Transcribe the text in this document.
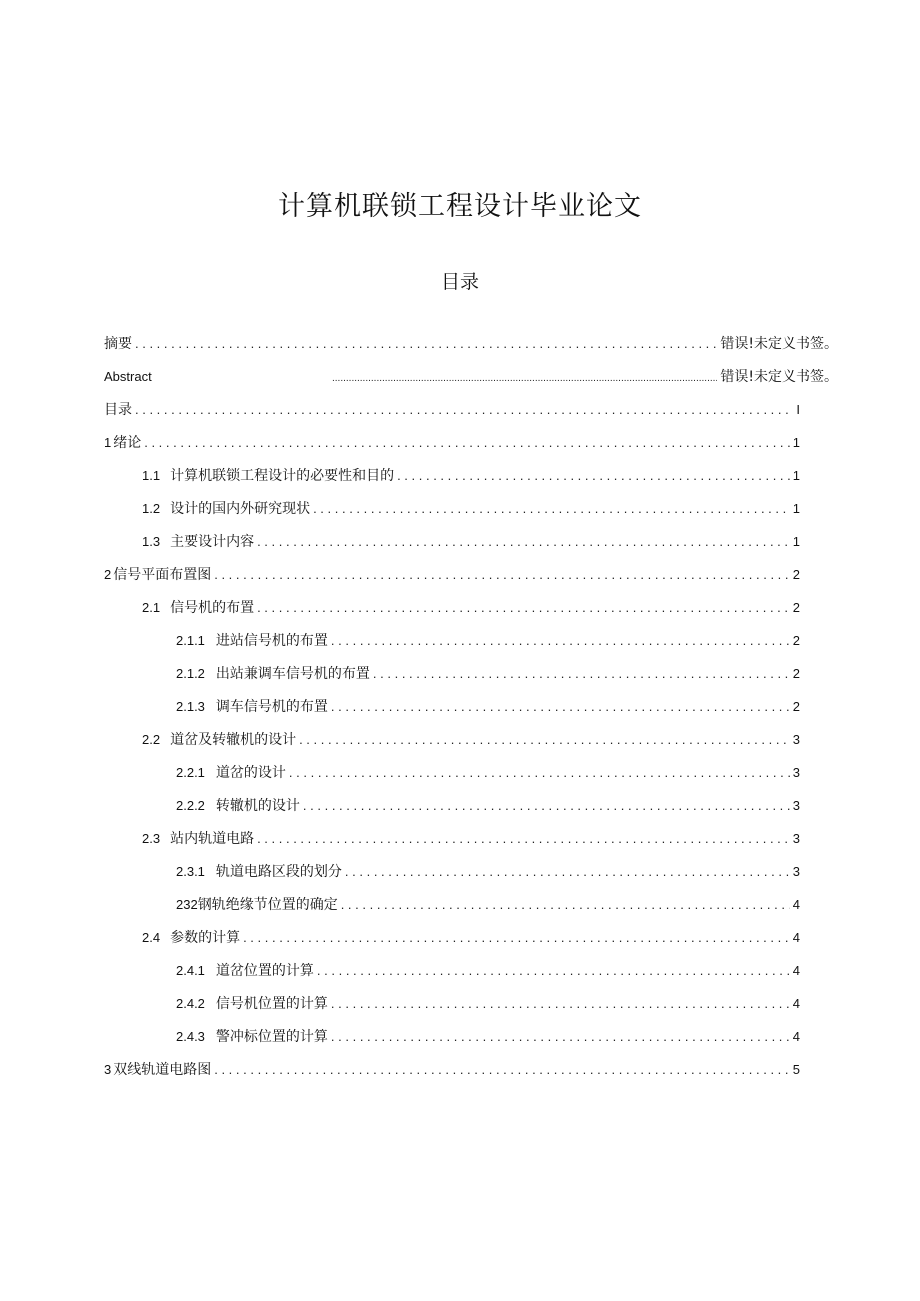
计算机联锁工程设计毕业论文
目录
摘要 . . .	错误!未定义书签。
Abstract .....	错误!未定义书签。
目录 . . .	I
1 绪论 . . .	1
1.1 计算机联锁工程设计的必要性和目的 . . .	1
1.2 设计的国内外研究现状 . . .	1
1.3 主要设计内容 . . .	1
2 信号平面布置图 . . .	2
2.1 信号机的布置 . . .	2
2.1.1 进站信号机的布置 . . .	2
2.1.2 出站兼调车信号机的布置 . . .	2
2.1.3 调车信号机的布置 . . .	2
2.2 道岔及转辙机的设计 . . .	3
2.2.1 道岔的设计 . . .	3
2.2.2 转辙机的设计 . . .	3
2.3 站内轨道电路 . . .	3
2.3.1 轨道电路区段的划分 . . .	3
232 钢轨绝缘节位置的确定 . . .	4
2.4 参数的计算 . . .	4
2.4.1 道岔位置的计算 . . .	4
2.4.2 信号机位置的计算 . . .	4
2.4.3 警冲标位置的计算 . . .	4
3 双线轨道电路图 . . .	5
